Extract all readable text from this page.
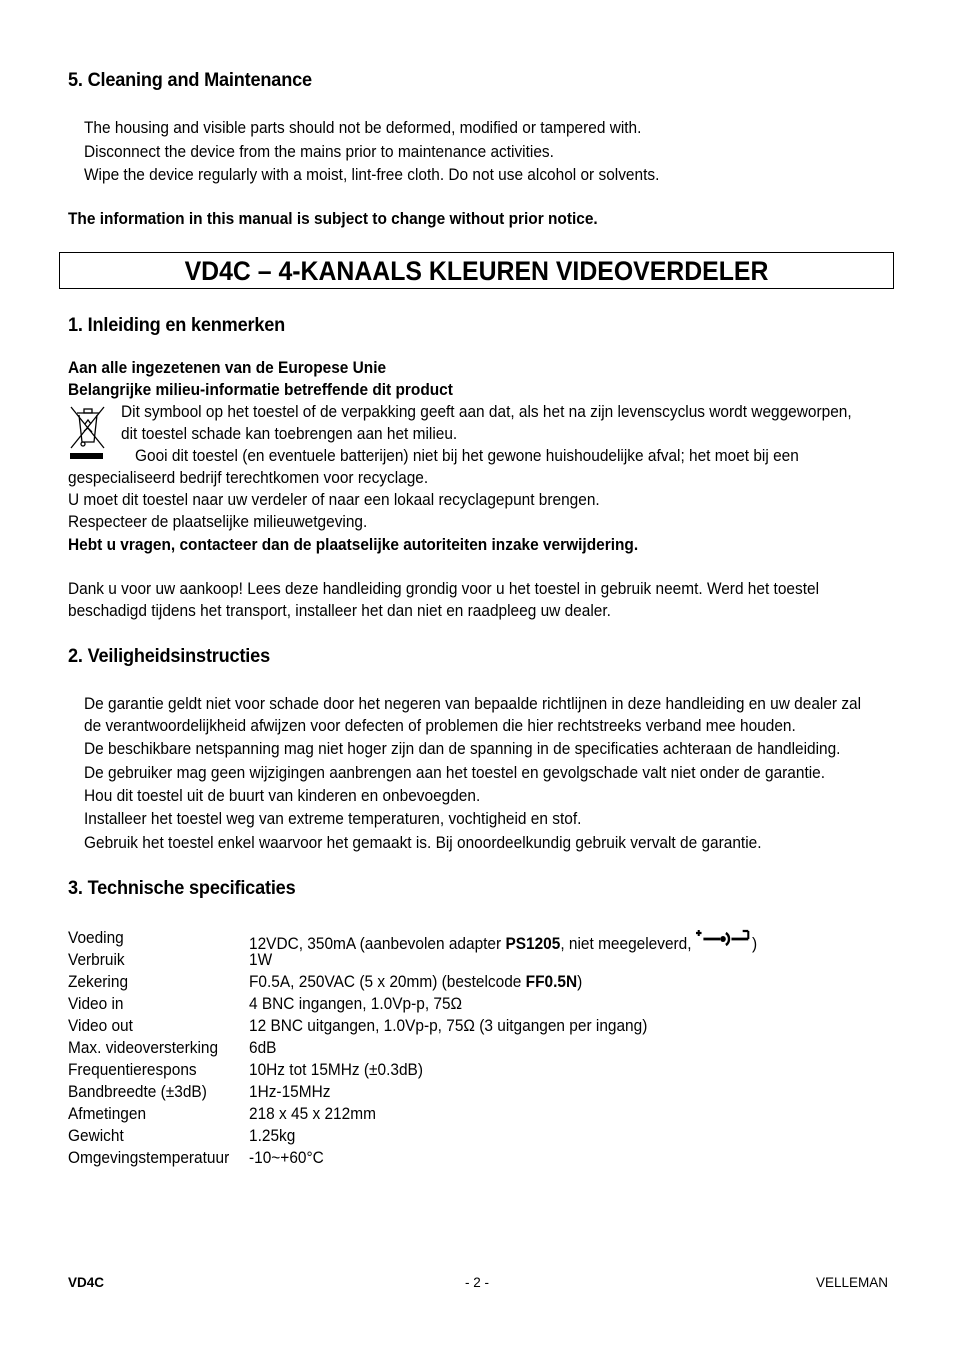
5. Cleaning and Maintenance
The housing and visible parts should not be deformed, modified or tampered with.
Disconnect the device from the mains prior to maintenance activities.
Wipe the device regularly with a moist, lint-free cloth. Do not use alcohol or solvents.
The information in this manual is subject to change without prior notice.
VD4C – 4-KANAALS KLEUREN VIDEOVERDELER
1. Inleiding en kenmerken
Aan alle ingezetenen van de Europese Unie
Belangrijke milieu-informatie betreffende dit product
Dit symbool op het toestel of de verpakking geeft aan dat, als het na zijn levenscyclus wordt weggeworpen,
dit toestel schade kan toebrengen aan het milieu.
Gooi dit toestel (en eventuele batterijen) niet bij het gewone huishoudelijke afval; het moet bij een
gespecialiseerd bedrijf terechtkomen voor recyclage.
U moet dit toestel naar uw verdeler of naar een lokaal recyclagepunt brengen.
Respecteer de plaatselijke milieuwetgeving.
Hebt u vragen, contacteer dan de plaatselijke autoriteiten inzake verwijdering.
Dank u voor uw aankoop! Lees deze handleiding grondig voor u het toestel in gebruik neemt. Werd het toestel
beschadigd tijdens het transport, installeer het dan niet en raadpleeg uw dealer.
2. Veiligheidsinstructies
De garantie geldt niet voor schade door het negeren van bepaalde richtlijnen in deze handleiding en uw dealer zal
de verantwoordelijkheid afwijzen voor defecten of problemen die hier rechtstreeks verband mee houden.
De beschikbare netspanning mag niet hoger zijn dan de spanning in de specificaties achteraan de handleiding.
De gebruiker mag geen wijzigingen aanbrengen aan het toestel en gevolgschade valt niet onder de garantie.
Hou dit toestel uit de buurt van kinderen en onbevoegden.
Installeer het toestel weg van extreme temperaturen, vochtigheid en stof.
Gebruik het toestel enkel waarvoor het gemaakt is. Bij onoordeelkundig gebruik vervalt de garantie.
3. Technische specificaties
Voeding	12VDC, 350mA (aanbevolen adapter PS1205, niet meegeleverd,	)
Verbruik	1W
Zekering	F0.5A, 250VAC (5 x 20mm) (bestelcode FF0.5N)
Video in	4 BNC ingangen, 1.0Vp-p, 75Ω
Video out	12 BNC uitgangen, 1.0Vp-p, 75Ω (3 uitgangen per ingang)
Max. videoversterking 6dB
Frequentierespons	10Hz tot 15MHz (±0.3dB)
Bandbreedte (±3dB)	1Hz-15MHz
Afmetingen	218 x 45 x 212mm
Gewicht	1.25kg
Omgevingstemperatuur -10~+60°C
VD4C	- 2 -	VELLEMAN
